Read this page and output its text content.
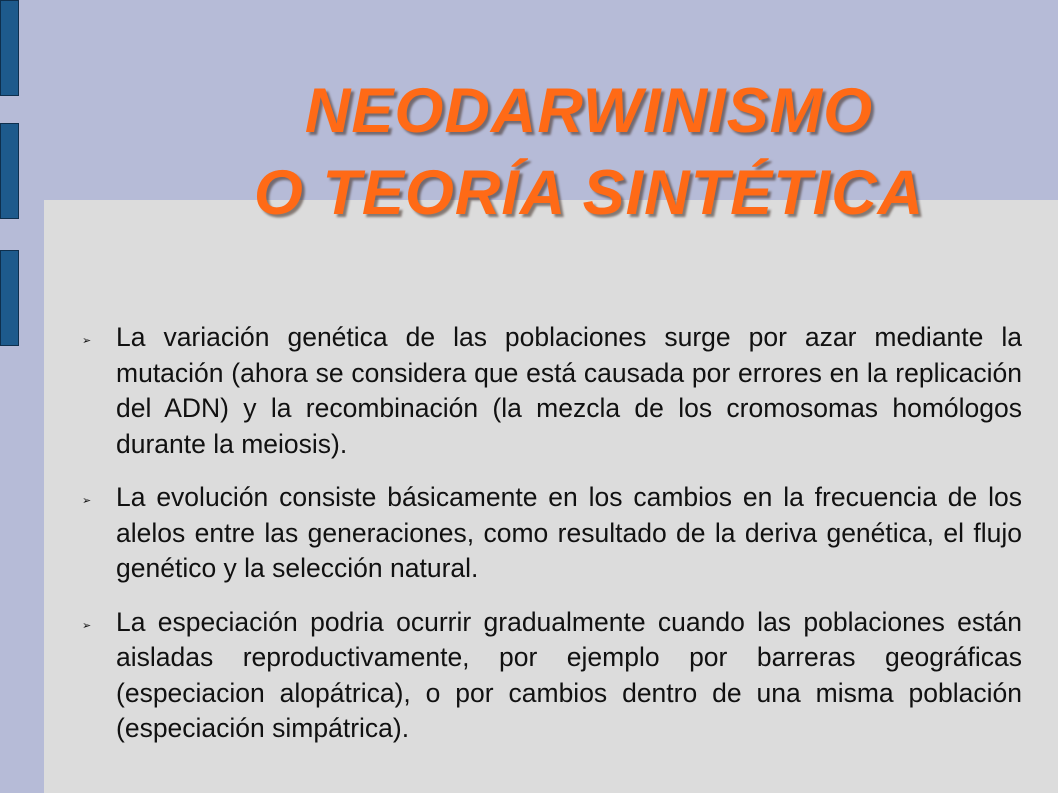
NEODARWINISMO
O TEORÍA SINTÉTICA
➢ La variación genética de las poblaciones surge por azar mediante la mutación (ahora se considera que está causada por errores en la replicación del ADN) y la recombinación (la mezcla de los cromosomas homólogos durante la meiosis).
➢ La evolución consiste básicamente en los cambios en la frecuencia de los alelos entre las generaciones, como resultado de la deriva genética, el flujo genético y la selección natural.
➢ La especiación podria ocurrir gradualmente cuando las poblaciones están aisladas reproductivamente, por ejemplo por barreras geográficas (especiacion alopátrica), o por cambios dentro de una misma población (especiación simpátrica).
